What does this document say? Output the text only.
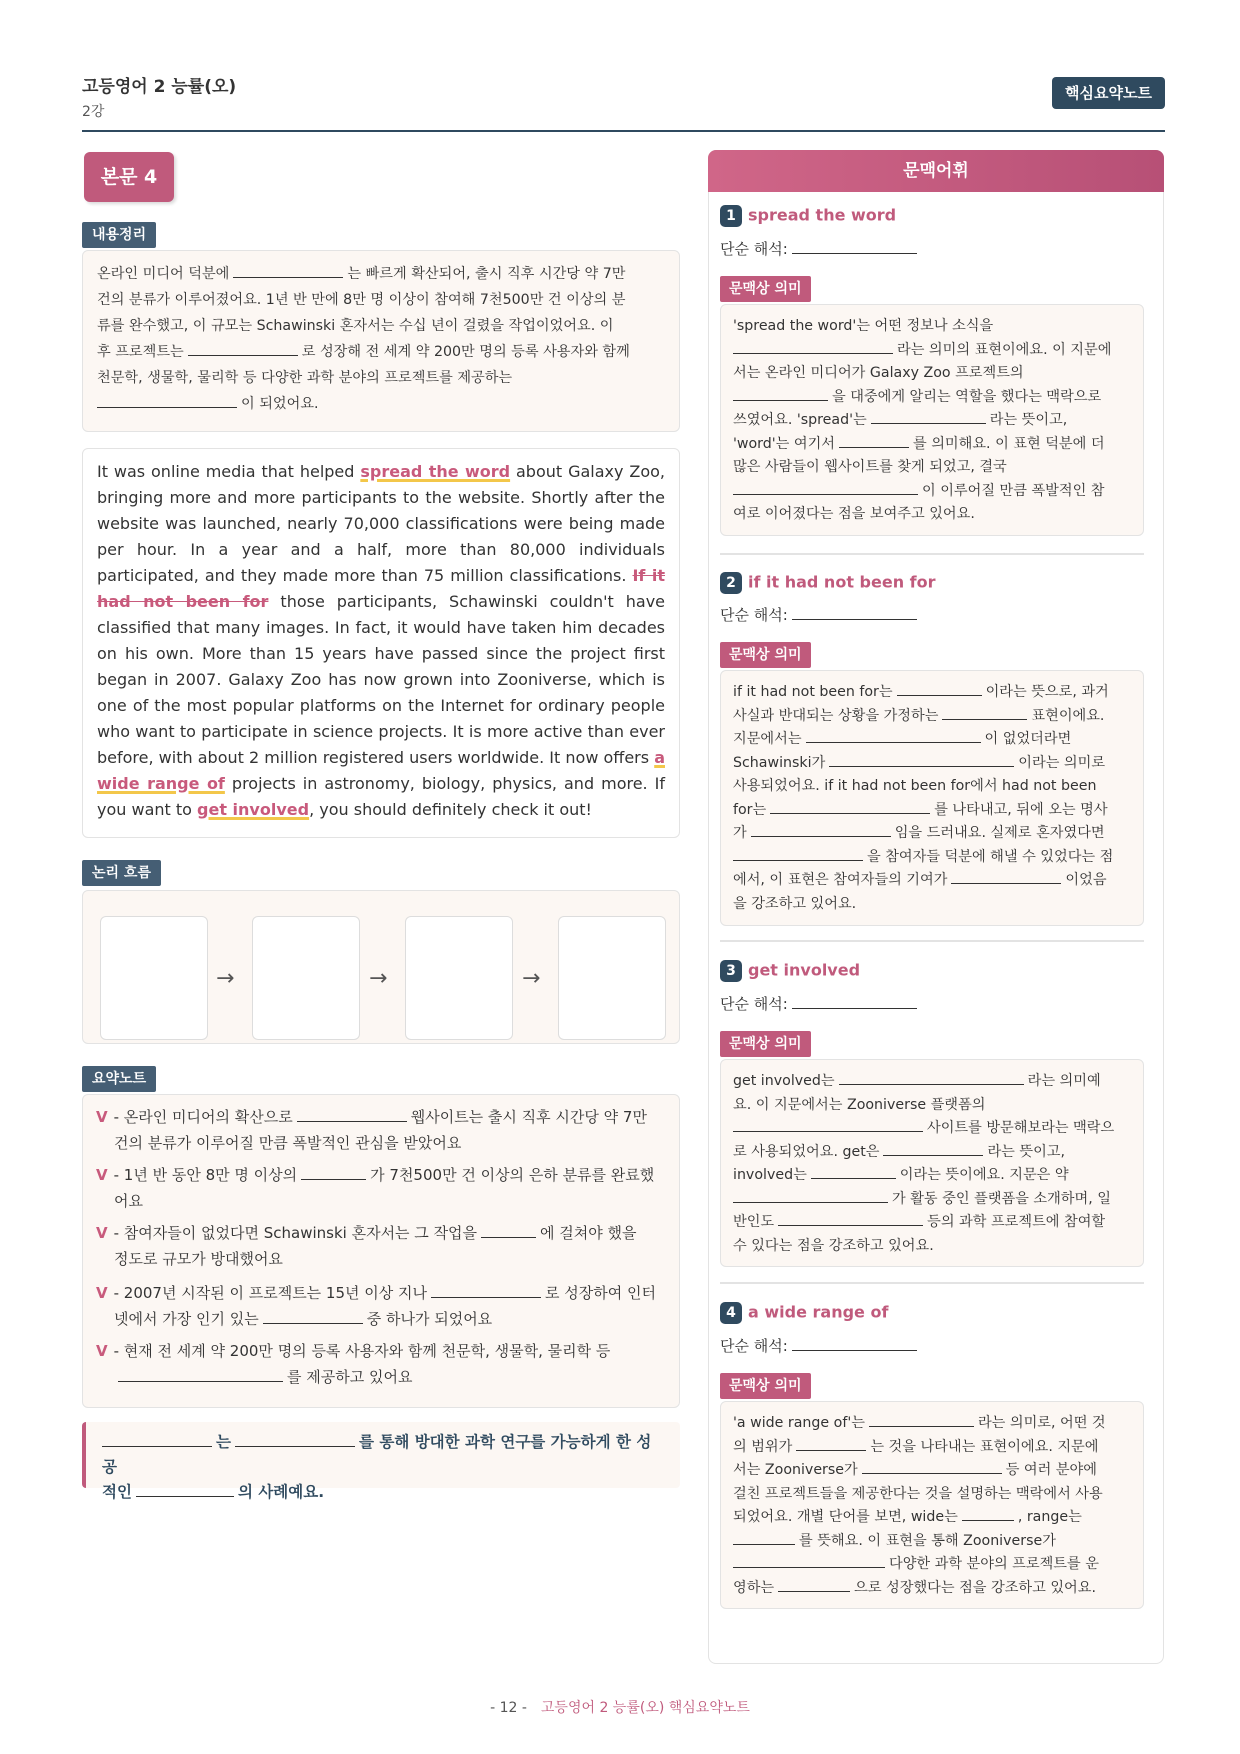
고등영어 2 능률(오)
2강
핵심요약노트
본문 4
내용정리
온라인 미디어 덕분에	는 빠르게 확산되어, 출시 직후 시간당 약 7만
건의 분류가 이루어졌어요. 1년 반 만에 8만 명 이상이 참여해 7천500만 건 이상의 분
류를 완수했고, 이 규모는 Schawinski 혼자서는 수십 년이 걸렸을 작업이었어요. 이
후 프로젝트는	로 성장해 전 세계 약 200만 명의 등록 사용자와 함께
천문학, 생물학, 물리학 등 다양한 과학 분야의 프로젝트를 제공하는
이 되었어요.
It was online media that helped spread the word about Galaxy Zoo, bringing more and more participants to the website. Shortly after the website was launched, nearly 70,000 classifications were being made per hour. In a year and a half, more than 80,000 individuals participated, and they made more than 75 million classifications. If it had not been for those participants, Schawinski couldn't have classified that many images. In fact, it would have taken him decades on his own. More than 15 years have passed since the project first began in 2007. Galaxy Zoo has now grown into Zooniverse, which is one of the most popular platforms on the Internet for ordinary people who want to participate in science projects. It is more active than ever before, with about 2 million registered users worldwide. It now offers a wide range of projects in astronomy, biology, physics, and more. If you want to get involved, you should definitely check it out!
논리 흐름
→	→	→
요약노트
V - 온라인 미디어의 확산으로	웹사이트는 출시 직후 시간당 약 7만
건의 분류가 이루어질 만큼 폭발적인 관심을 받았어요
V - 1년 반 동안 8만 명 이상의	가 7천500만 건 이상의 은하 분류를 완료했
어요
V - 참여자들이 없었다면 Schawinski 혼자서는 그 작업을	에 걸쳐야 했을
정도로 규모가 방대했어요
V - 2007년 시작된 이 프로젝트는 15년 이상 지나	로 성장하여 인터
넷에서 가장 인기 있는	중 하나가 되었어요
V - 현재 전 세계 약 200만 명의 등록 사용자와 함께 천문학, 생물학, 물리학 등
를 제공하고 있어요
는	를 통해 방대한 과학 연구를 가능하게 한 성공
적인	의 사례예요.
문맥어휘
1 spread the word
단순 해석:
문맥상 의미
'spread the word'는 어떤 정보나 소식을
라는 의미의 표현이에요. 이 지문에
서는 온라인 미디어가 Galaxy Zoo 프로젝트의
을 대중에게 알리는 역할을 했다는 맥락으로
쓰였어요. 'spread'는	라는 뜻이고,
'word'는 여기서	를 의미해요. 이 표현 덕분에 더
많은 사람들이 웹사이트를 찾게 되었고, 결국
이 이루어질 만큼 폭발적인 참
여로 이어졌다는 점을 보여주고 있어요.
2 if it had not been for
단순 해석:
문맥상 의미
if it had not been for는	이라는 뜻으로, 과거
사실과 반대되는 상황을 가정하는	표현이에요.
지문에서는	이 없었더라면
Schawinski가	이라는 의미로
사용되었어요. if it had not been for에서 had not been
for는	를 나타내고, 뒤에 오는 명사
가	임을 드러내요. 실제로 혼자였다면
을 참여자들 덕분에 해낼 수 있었다는 점
에서, 이 표현은 참여자들의 기여가	이었음
을 강조하고 있어요.
3 get involved
단순 해석:
문맥상 의미
get involved는	라는 의미예
요. 이 지문에서는 Zooniverse 플랫폼의
사이트를 방문해보라는 맥락으
로 사용되었어요. get은	라는 뜻이고,
involved는	이라는 뜻이에요. 지문은 약
가 활동 중인 플랫폼을 소개하며, 일
반인도	등의 과학 프로젝트에 참여할
수 있다는 점을 강조하고 있어요.
4 a wide range of
단순 해석:
문맥상 의미
'a wide range of'는	라는 의미로, 어떤 것
의 범위가	는 것을 나타내는 표현이에요. 지문에
서는 Zooniverse가	등 여러 분야에
걸친 프로젝트들을 제공한다는 것을 설명하는 맥락에서 사용
되었어요. 개별 단어를 보면, wide는	, range는
를 뜻해요. 이 표현을 통해 Zooniverse가
다양한 과학 분야의 프로젝트를 운
영하는	으로 성장했다는 점을 강조하고 있어요.
- 12 - 고등영어 2 능률(오) 핵심요약노트
